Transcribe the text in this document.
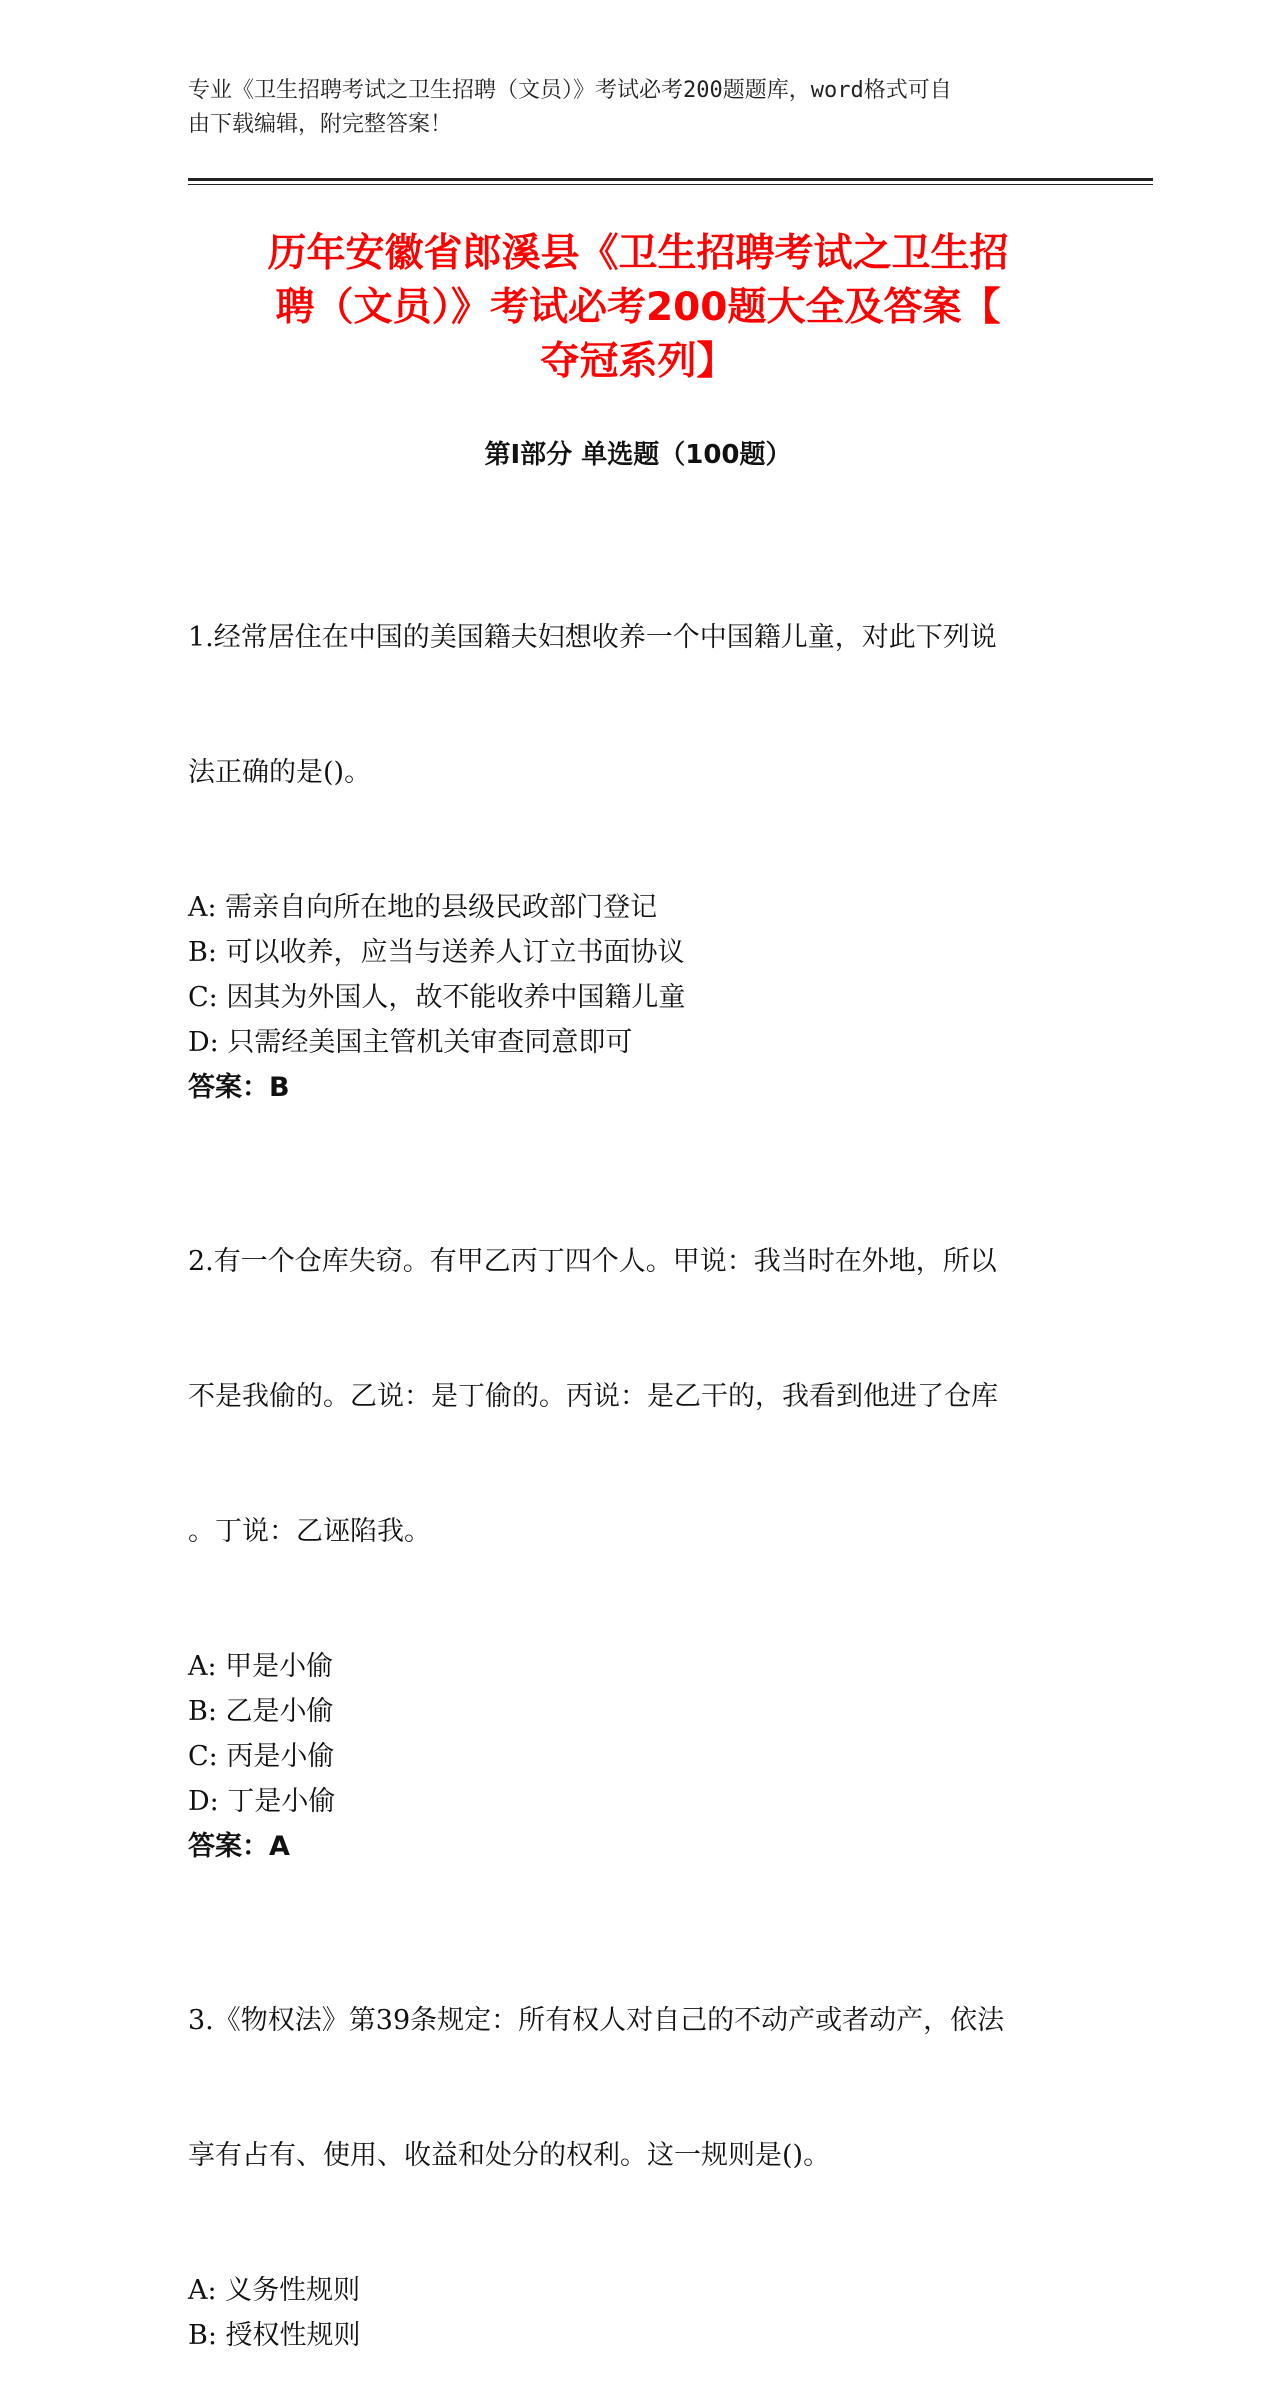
专业《卫生招聘考试之卫生招聘（文员）》考试必考200题题库，word格式可自
由下载编辑，附完整答案！
历年安徽省郎溪县《卫生招聘考试之卫生招
聘（文员）》考试必考200题大全及答案【
夺冠系列】
第Ⅰ部分 单选题（100题）

1.经常居住在中国的美国籍夫妇想收养一个中国籍儿童，对此下列说

法正确的是()。

A: 需亲自向所在地的县级民政部门登记
B: 可以收养，应当与送养人订立书面协议
C: 因其为外国人，故不能收养中国籍儿童
D: 只需经美国主管机关审查同意即可
答案：B

2.有一个仓库失窃。有甲乙丙丁四个人。甲说：我当时在外地，所以

不是我偷的。乙说：是丁偷的。丙说：是乙干的，我看到他进了仓库

。丁说：乙诬陷我。

A: 甲是小偷
B: 乙是小偷
C: 丙是小偷
D: 丁是小偷
答案：A

3.《物权法》第39条规定：所有权人对自己的不动产或者动产，依法

享有占有、使用、收益和处分的权利。这一规则是()。

A: 义务性规则
B: 授权性规则
